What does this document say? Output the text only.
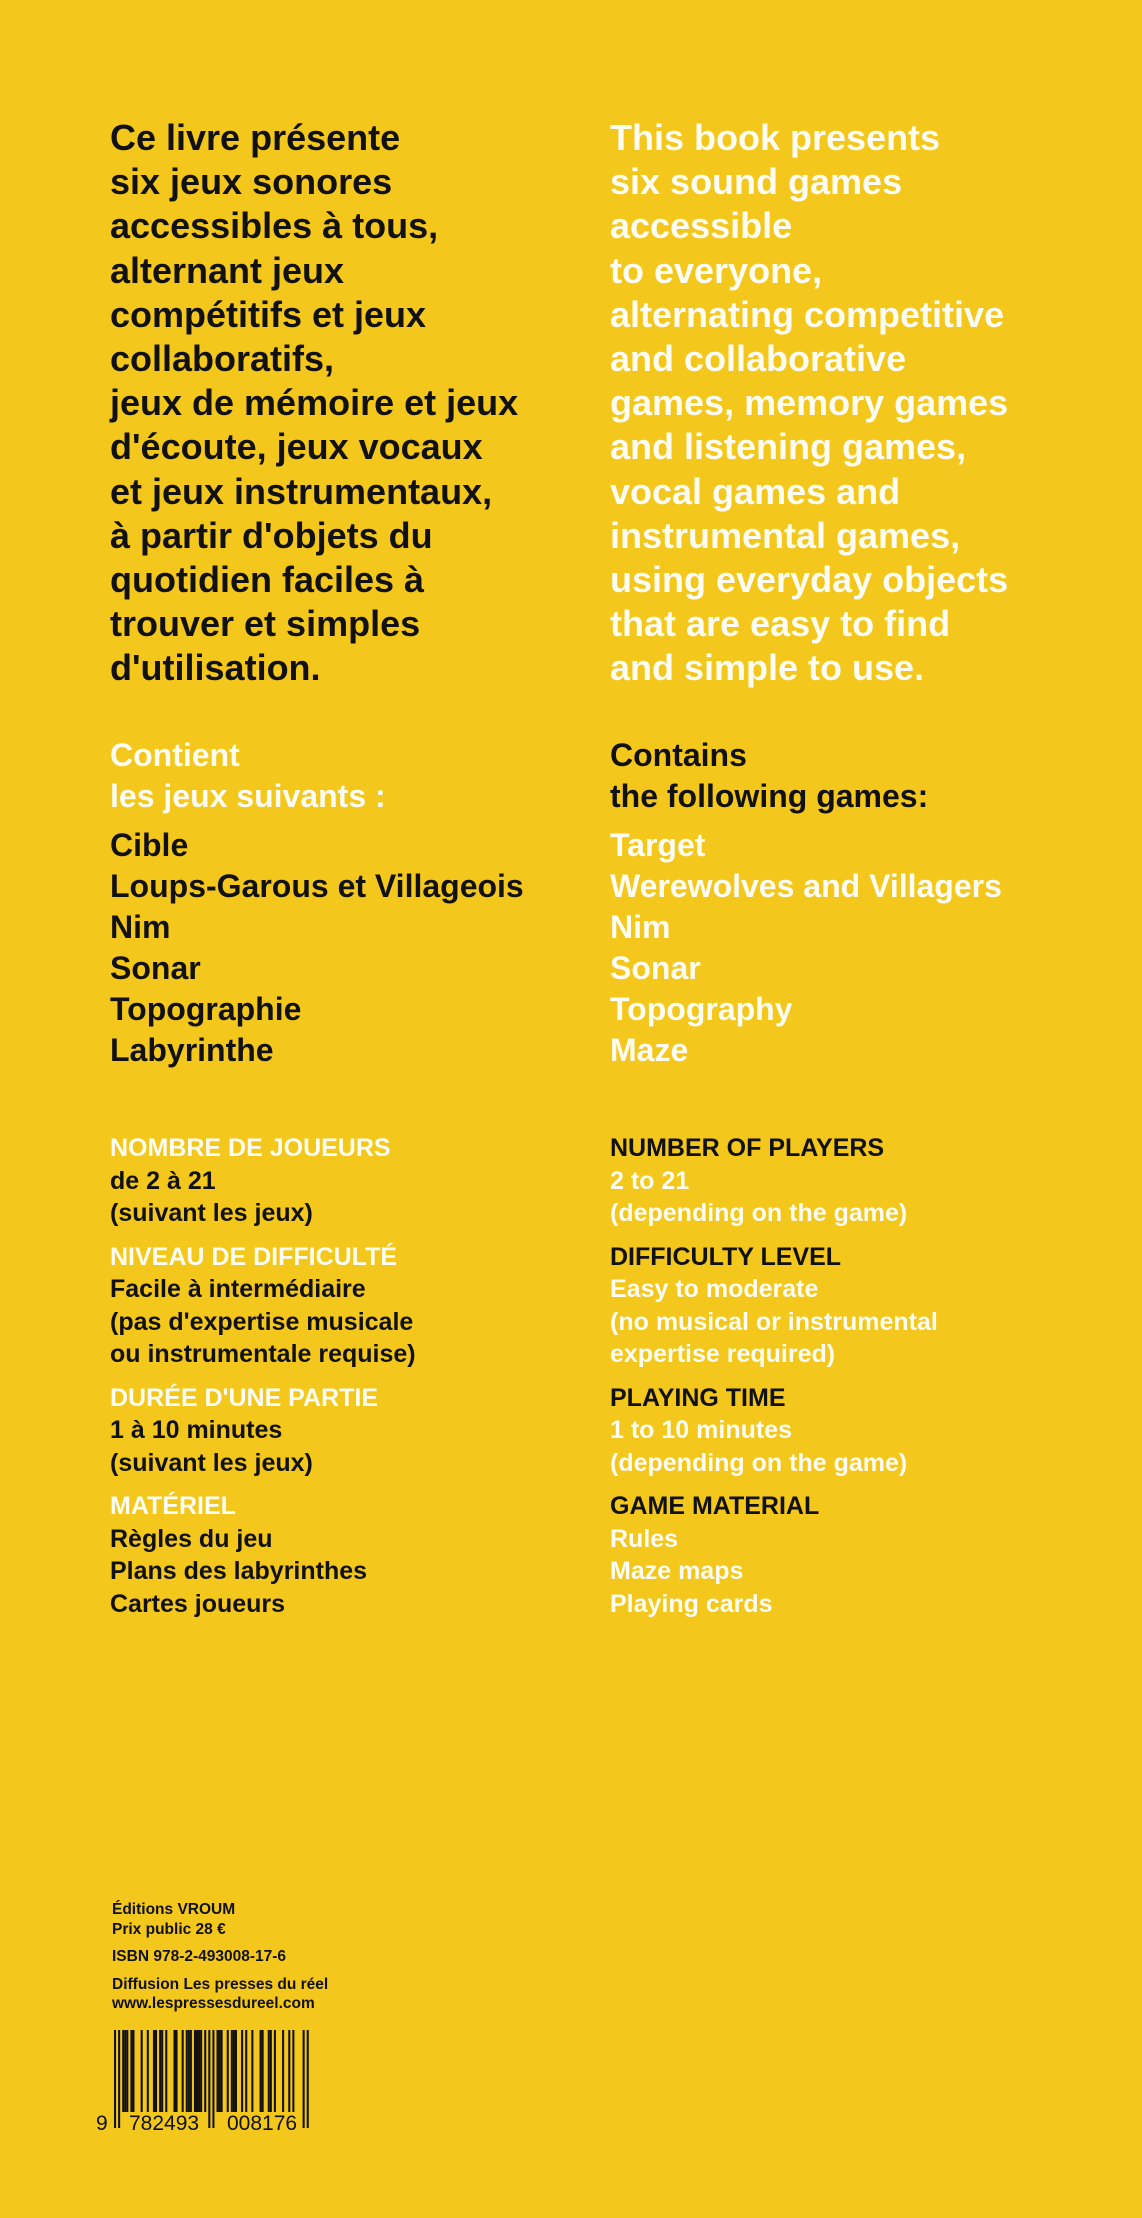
Ce livre présente
six jeux sonores
accessibles à tous,
alternant jeux
compétitifs et jeux
collaboratifs,
jeux de mémoire et jeux
d'écoute, jeux vocaux
et jeux instrumentaux,
à partir d'objets du
quotidien faciles à
trouver et simples
d'utilisation.
This book presents
six sound games
accessible
to everyone,
alternating competitive
and collaborative
games, memory games
and listening games,
vocal games and
instrumental games,
using everyday objects
that are easy to find
and simple to use.
Contient
les jeux suivants :
Cible
Loups-Garous et Villageois
Nim
Sonar
Topographie
Labyrinthe
Contains
the following games:
Target
Werewolves and Villagers
Nim
Sonar
Topography
Maze
NOMBRE DE JOUEURS
de 2 à 21
(suivant les jeux)
NIVEAU DE DIFFICULTÉ
Facile à intermédiaire
(pas d'expertise musicale
ou instrumentale requise)
DURÉE D'UNE PARTIE
1 à 10 minutes
(suivant les jeux)
MATÉRIEL
Règles du jeu
Plans des labyrinthes
Cartes joueurs
NUMBER OF PLAYERS
2 to 21
(depending on the game)
DIFFICULTY LEVEL
Easy to moderate
(no musical or instrumental
expertise required)
PLAYING TIME
1 to 10 minutes
(depending on the game)
GAME MATERIAL
Rules
Maze maps
Playing cards
Éditions VROUM
Prix public 28 €
ISBN 978-2-493008-17-6
Diffusion Les presses du réel
www.lespressesdureel.com
9 782493 008176
